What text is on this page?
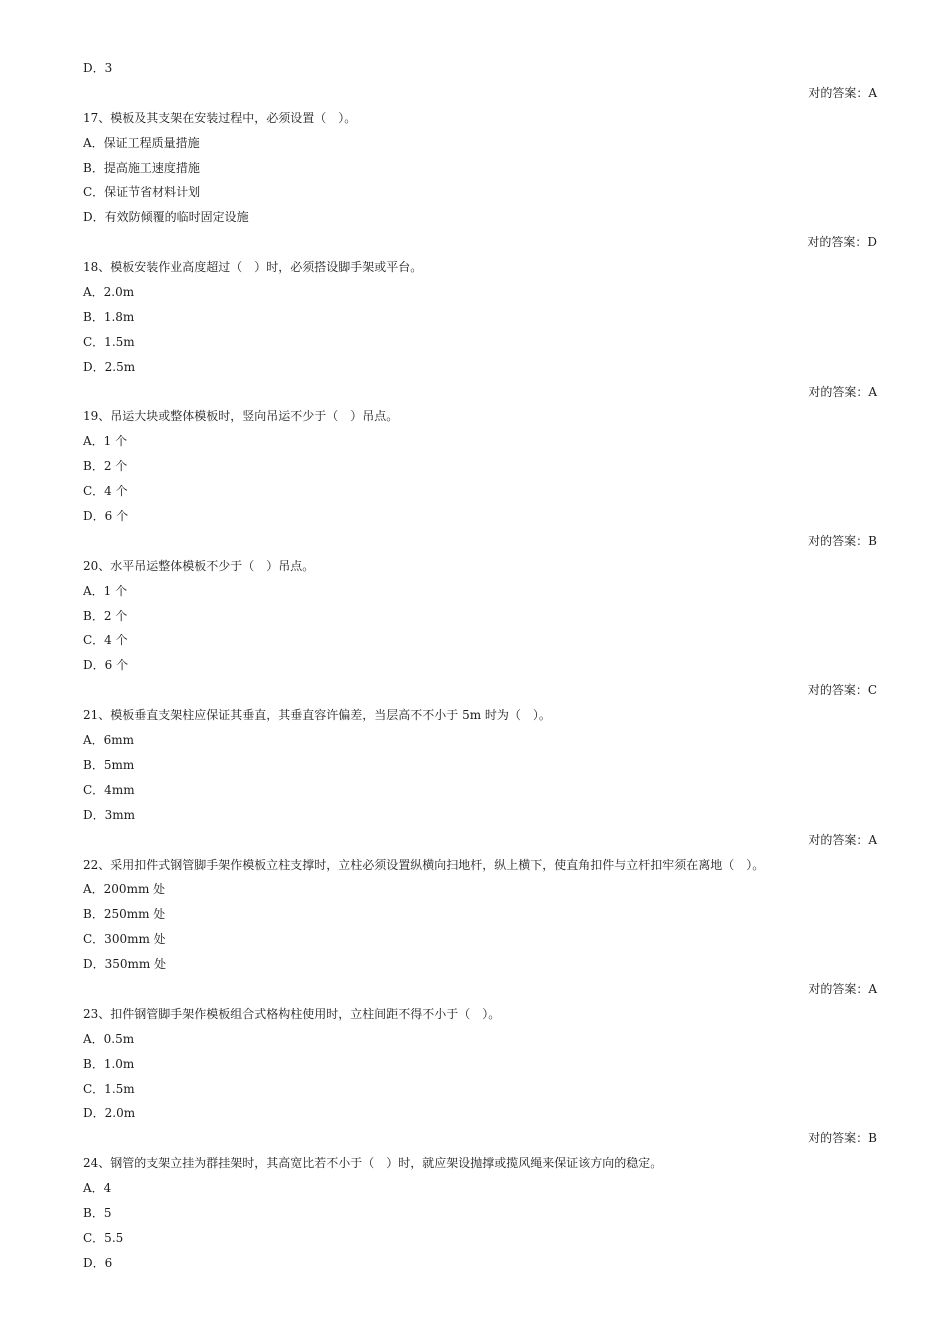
D．3
对的答案：A
17、模板及其支架在安装过程中，必须设置（　）。
A．保证工程质量措施
B．提高施工速度措施
C．保证节省材料计划
D．有效防倾覆的临时固定设施
对的答案：D
18、模板安装作业高度超过（　）时，必须搭设脚手架或平台。
A．2.0m
B．1.8m
C．1.5m
D．2.5m
对的答案：A
19、吊运大块或整体模板时，竖向吊运不少于（　）吊点。
A．1 个
B．2 个
C．4 个
D．6 个
对的答案：B
20、水平吊运整体模板不少于（　）吊点。
A．1 个
B．2 个
C．4 个
D．6 个
对的答案：C
21、模板垂直支架柱应保证其垂直，其垂直容许偏差，当层高不不小于 5m 时为（　）。
A．6mm
B．5mm
C．4mm
D．3mm
对的答案：A
22、采用扣件式钢管脚手架作模板立柱支撑时，立柱必须设置纵横向扫地杆，纵上横下，使直角扣件与立杆扣牢须在离地（　）。
A．200mm 处
B．250mm 处
C．300mm 处
D．350mm 处
对的答案：A
23、扣件钢管脚手架作模板组合式格构柱使用时，立柱间距不得不小于（　）。
A．0.5m
B．1.0m
C．1.5m
D．2.0m
对的答案：B
24、钢管的支架立挂为群挂架时，其高宽比若不小于（　）时，就应架设抛撑或揽风绳来保证该方向的稳定。
A．4
B．5
C．5.5
D．6
